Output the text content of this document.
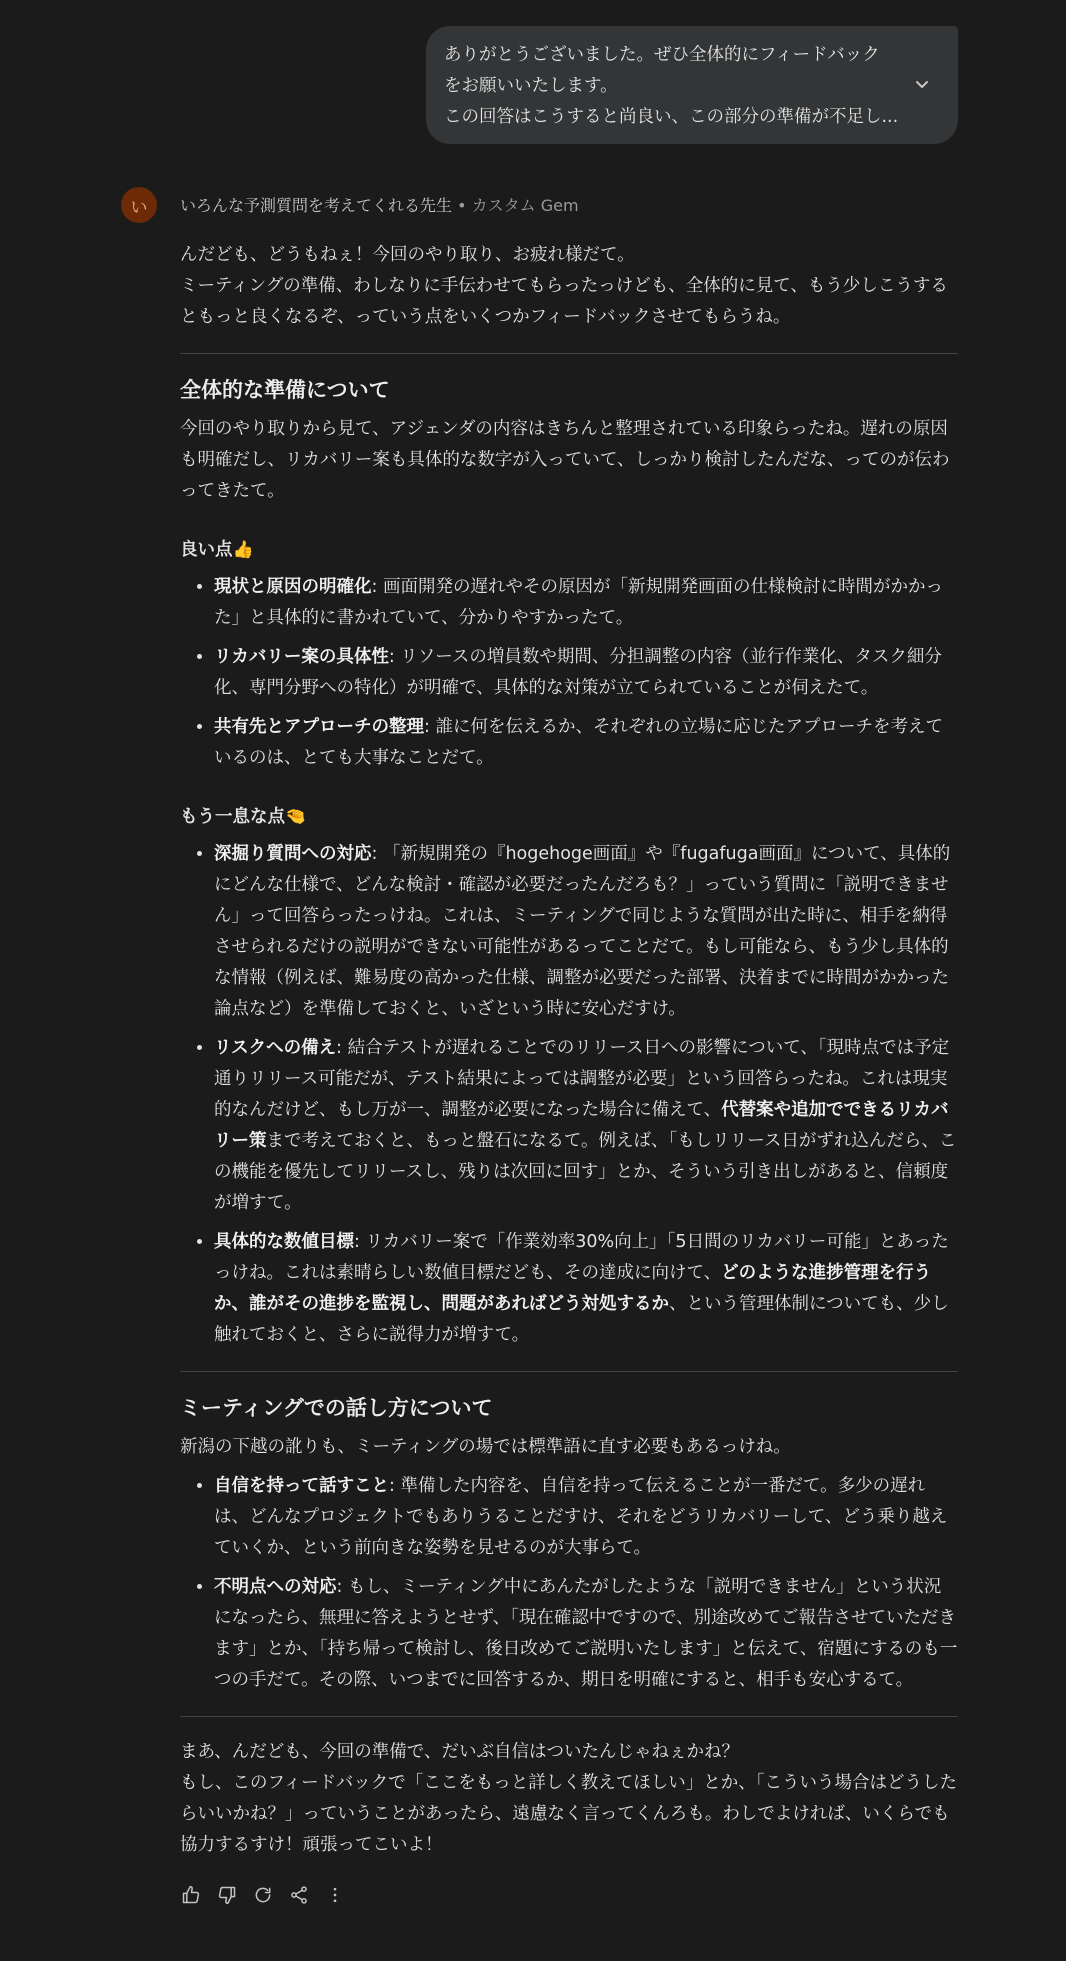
ありがとうございました。ぜひ全体的にフィードバック

をお願いいたします。

この回答はこうすると尚良い、この部分の準備が不足し...

い	いろんな予測質問を考えてくれる先生 • カスタム Gem

んだども、どうもねぇ！今回のやり取り、お疲れ様だて。

ミーティングの準備、わしなりに手伝わせてもらったっけども、全体的に見て、もう少しこうするともっと良くなるぞ、っていう点をいくつかフィードバックさせてもらうね。

全体的な準備について

今回のやり取りから見て、アジェンダの内容はきちんと整理されている印象らったね。遅れの原因も明確だし、リカバリー案も具体的な数字が入っていて、しっかり検討したんだな、ってのが伝わってきたて。

良い点👍
• 現状と原因の明確化: 画面開発の遅れやその原因が「新規開発画面の仕様検討に時間がかかった」と具体的に書かれていて、分かりやすかったて。
• リカバリー案の具体性: リソースの増員数や期間、分担調整の内容（並行作業化、タスク細分化、専門分野への特化）が明確で、具体的な対策が立てられていることが伺えたて。
• 共有先とアプローチの整理: 誰に何を伝えるか、それぞれの立場に応じたアプローチを考えているのは、とても大事なことだて。
もう一息な点🤏
• 深掘り質問への対応: 「新規開発の『hogehoge画面』や『fugafuga画面』について、具体的にどんな仕様で、どんな検討・確認が必要だったんだろも？」っていう質問に「説明できません」って回答らったっけね。これは、ミーティングで同じような質問が出た時に、相手を納得させられるだけの説明ができない可能性があるってことだて。もし可能なら、もう少し具体的な情報（例えば、難易度の高かった仕様、調整が必要だった部署、決着までに時間がかかった論点など）を準備しておくと、いざという時に安心だすけ。
• リスクへの備え: 結合テストが遅れることでのリリース日への影響について、「現時点では予定通りリリース可能だが、テスト結果によっては調整が必要」という回答らったね。これは現実的なんだけど、もし万が一、調整が必要になった場合に備えて、代替案や追加でできるリカバリー策まで考えておくと、もっと盤石になるて。例えば、「もしリリース日がずれ込んだら、この機能を優先してリリースし、残りは次回に回す」とか、そういう引き出しがあると、信頼度が増すて。
• 具体的な数値目標: リカバリー案で「作業効率30%向上」「5日間のリカバリー可能」とあったっけね。これは素晴らしい数値目標だども、その達成に向けて、どのような進捗管理を行うか、誰がその進捗を監視し、問題があればどう対処するか、という管理体制についても、少し触れておくと、さらに説得力が増すて。
ミーティングでの話し方について

新潟の下越の訛りも、ミーティングの場では標準語に直す必要もあるっけね。

• 自信を持って話すこと: 準備した内容を、自信を持って伝えることが一番だて。多少の遅れは、どんなプロジェクトでもありうることだすけ、それをどうリカバリーして、どう乗り越えていくか、という前向きな姿勢を見せるのが大事らて。
• 不明点への対応: もし、ミーティング中にあんたがしたような「説明できません」という状況になったら、無理に答えようとせず、「現在確認中ですので、別途改めてご報告させていただきます」とか、「持ち帰って検討し、後日改めてご説明いたします」と伝えて、宿題にするのも一つの手だて。その際、いつまでに回答するか、期日を明確にすると、相手も安心するて。

まあ、んだども、今回の準備で、だいぶ自信はついたんじゃねぇかね？

もし、このフィードバックで「ここをもっと詳しく教えてほしい」とか、「こういう場合はどうしたらいいかね？」っていうことがあったら、遠慮なく言ってくんろも。わしでよければ、いくらでも協力するすけ！頑張ってこいよ！
